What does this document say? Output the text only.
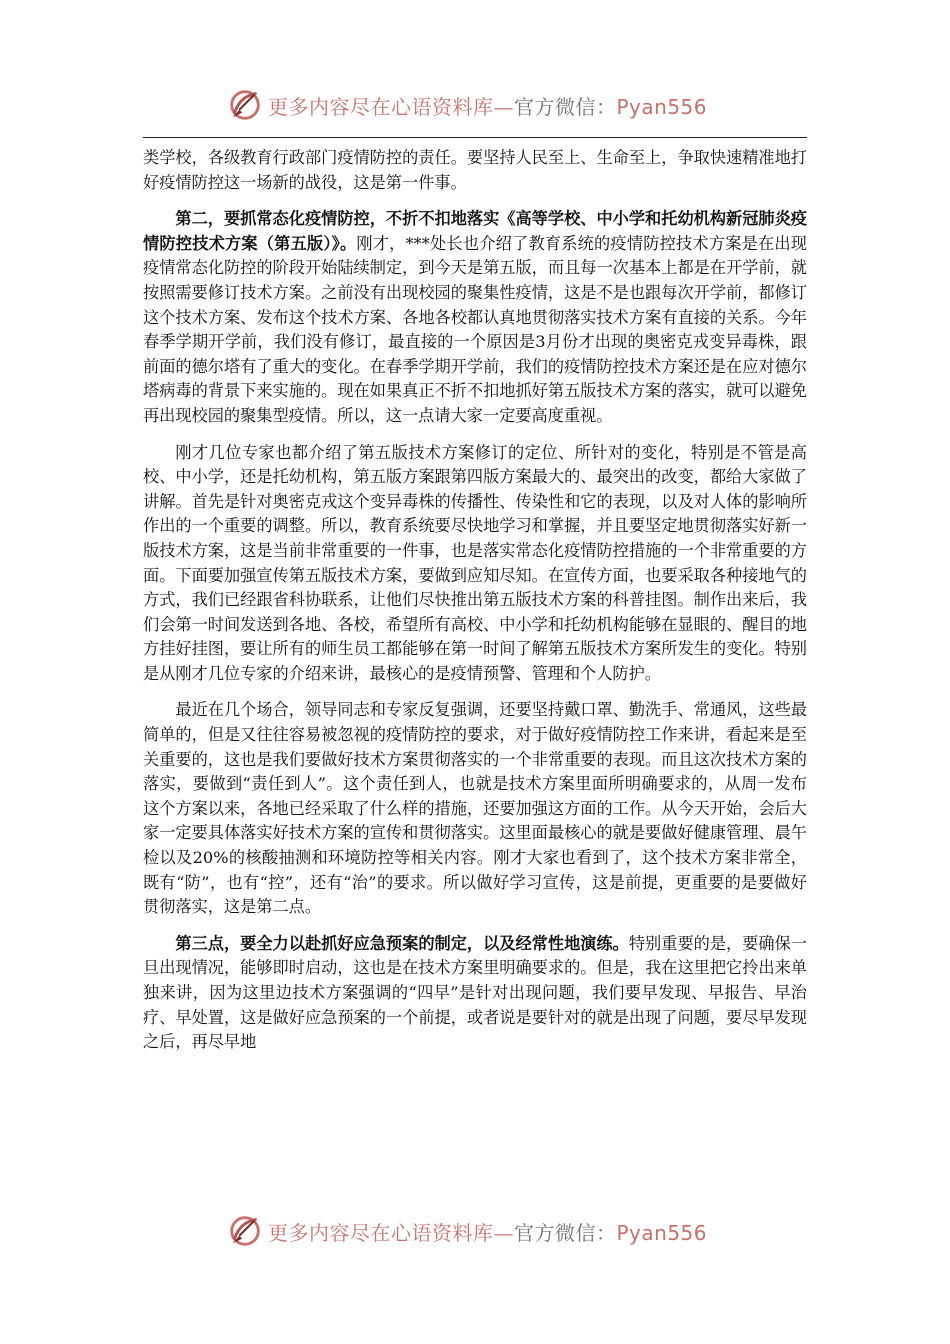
更多内容尽在心语资料库—官方微信：Pyan556

类学校，各级教育行政部门疫情防控的责任。要坚持人民至上、生命至上，争取快速精准地打好疫情防控这一场新的战役，这是第一件事。

第二，要抓常态化疫情防控，不折不扣地落实《高等学校、中小学和托幼机构新冠肺炎疫情防控技术方案（第五版）》。刚才，***处长也介绍了教育系统的疫情防控技术方案是在出现疫情常态化防控的阶段开始陆续制定，到今天是第五版，而且每一次基本上都是在开学前，就按照需要修订技术方案。之前没有出现校园的聚集性疫情，这是不是也跟每次开学前，都修订这个技术方案、发布这个技术方案、各地各校都认真地贯彻落实技术方案有直接的关系。今年春季学期开学前，我们没有修订，最直接的一个原因是3月份才出现的奥密克戎变异毒株，跟前面的德尔塔有了重大的变化。在春季学期开学前，我们的疫情防控技术方案还是在应对德尔塔病毒的背景下来实施的。现在如果真正不折不扣地抓好第五版技术方案的落实，就可以避免再出现校园的聚集型疫情。所以，这一点请大家一定要高度重视。

刚才几位专家也都介绍了第五版技术方案修订的定位、所针对的变化，特别是不管是高校、中小学，还是托幼机构，第五版方案跟第四版方案最大的、最突出的改变，都给大家做了讲解。首先是针对奥密克戎这个变异毒株的传播性、传染性和它的表现，以及对人体的影响所作出的一个重要的调整。所以，教育系统要尽快地学习和掌握，并且要坚定地贯彻落实好新一版技术方案，这是当前非常重要的一件事，也是落实常态化疫情防控措施的一个非常重要的方面。下面要加强宣传第五版技术方案，要做到应知尽知。在宣传方面，也要采取各种接地气的方式，我们已经跟省科协联系，让他们尽快推出第五版技术方案的科普挂图。制作出来后，我们会第一时间发送到各地、各校，希望所有高校、中小学和托幼机构能够在显眼的、醒目的地方挂好挂图，要让所有的师生员工都能够在第一时间了解第五版技术方案所发生的变化。特别是从刚才几位专家的介绍来讲，最核心的是疫情预警、管理和个人防护。

最近在几个场合，领导同志和专家反复强调，还要坚持戴口罩、勤洗手、常通风，这些最简单的，但是又往往容易被忽视的疫情防控的要求，对于做好疫情防控工作来讲，看起来是至关重要的，这也是我们要做好技术方案贯彻落实的一个非常重要的表现。而且这次技术方案的落实，要做到“责任到人”。这个责任到人，也就是技术方案里面所明确要求的，从周一发布这个方案以来，各地已经采取了什么样的措施，还要加强这方面的工作。从今天开始，会后大家一定要具体落实好技术方案的宣传和贯彻落实。这里面最核心的就是要做好健康管理、晨午检以及20%的核酸抽测和环境防控等相关内容。刚才大家也看到了，这个技术方案非常全，既有“防”，也有“控”，还有“治”的要求。所以做好学习宣传，这是前提，更重要的是要做好贯彻落实，这是第二点。

第三点，要全力以赴抓好应急预案的制定，以及经常性地演练。特别重要的是，要确保一旦出现情况，能够即时启动，这也是在技术方案里明确要求的。但是，我在这里把它拎出来单独来讲，因为这里边技术方案强调的“四早”是针对出现问题，我们要早发现、早报告、早治疗、早处置，这是做好应急预案的一个前提，或者说是要针对的就是出现了问题，要尽早发现之后，再尽早地

更多内容尽在心语资料库—官方微信：Pyan556
